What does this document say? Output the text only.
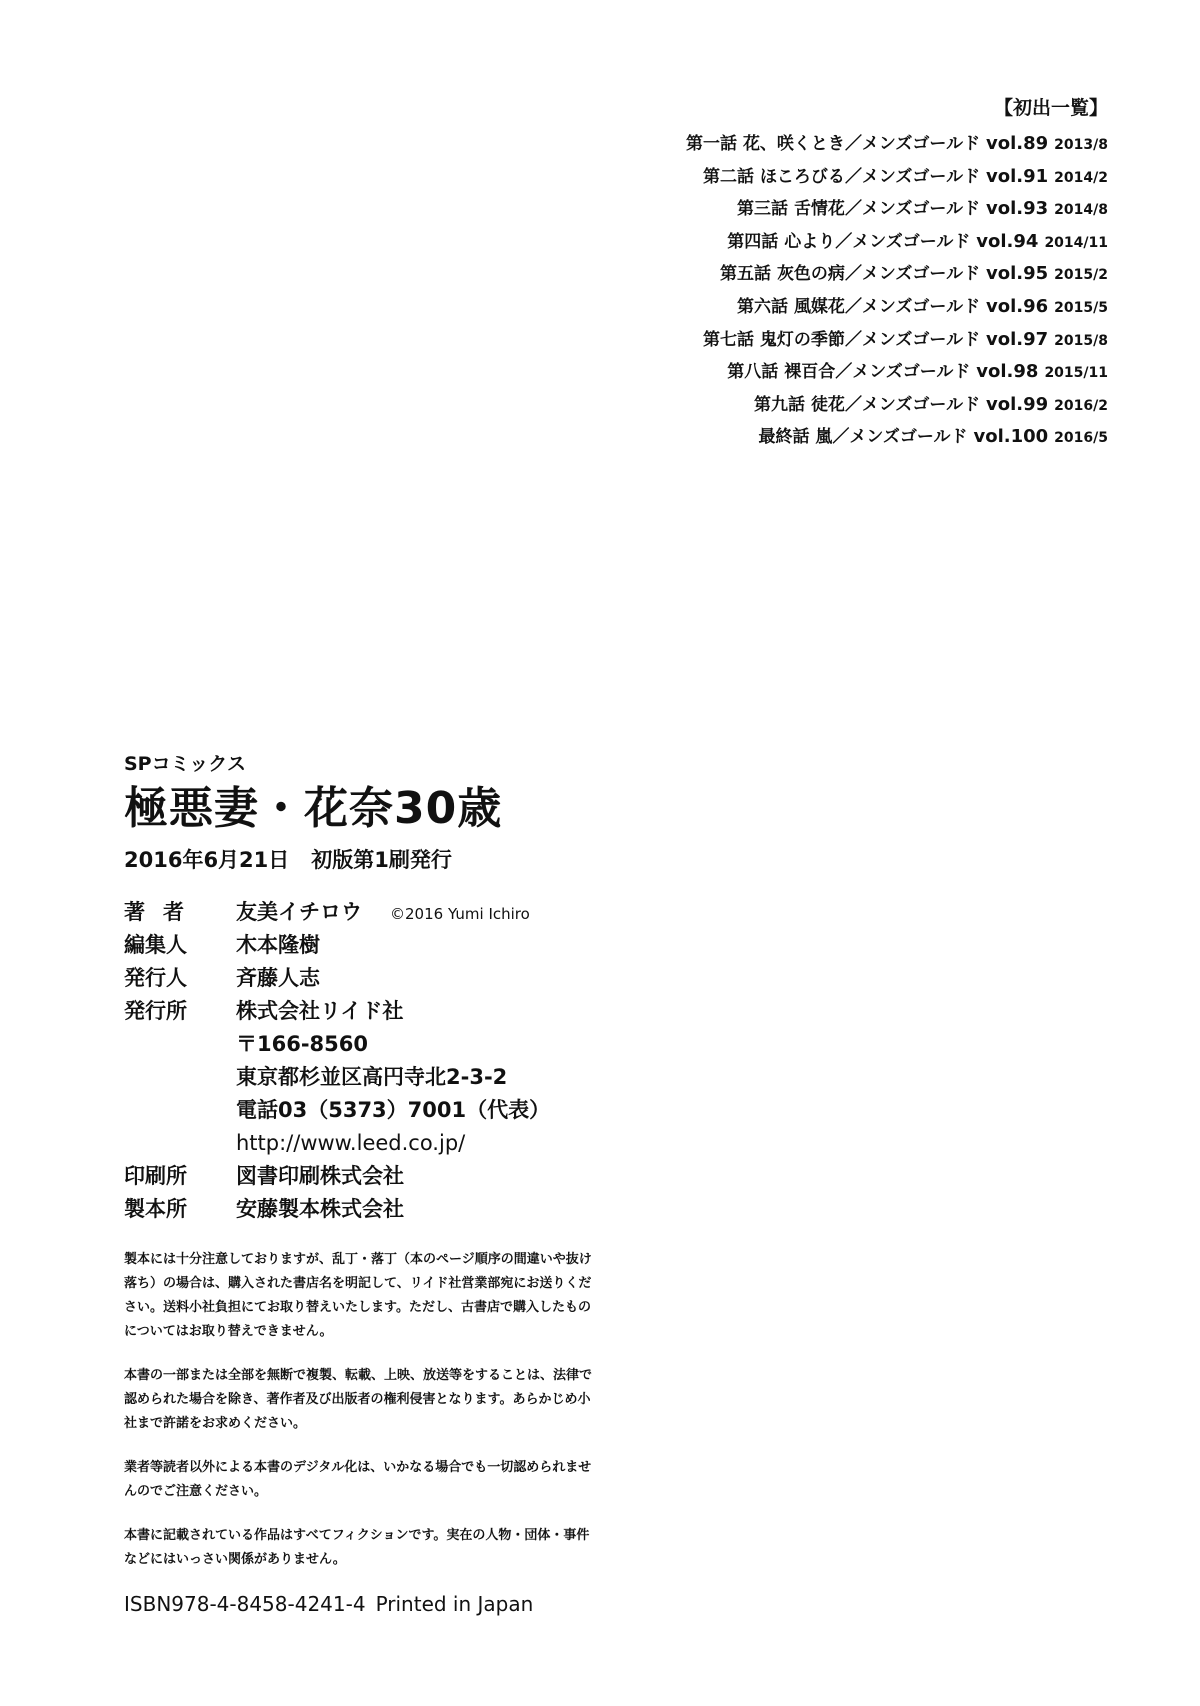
【初出一覧】
第一話 花、咲くとき／メンズゴールド vol.89 2013/8
第二話 ほころびる／メンズゴールド vol.91 2014/2
第三話 舌情花／メンズゴールド vol.93 2014/8
第四話 心より／メンズゴールド vol.94 2014/11
第五話 灰色の病／メンズゴールド vol.95 2015/2
第六話 風媒花／メンズゴールド vol.96 2015/5
第七話 鬼灯の季節／メンズゴールド vol.97 2015/8
第八話 裸百合／メンズゴールド vol.98 2015/11
第九話 徒花／メンズゴールド vol.99 2016/2
最終話 嵐／メンズゴールド vol.100 2016/5
SPコミックス
極悪妻・花奈30歳
2016年6月21日 初版第1刷発行
著者	友美イチロウ ©2016 Yumi Ichiro
編集人	木本隆樹
発行人	斉藤人志
発行所	株式会社リイド社
〒166-8560
東京都杉並区高円寺北2-3-2
電話03（5373）7001（代表）
http://www.leed.co.jp/
印刷所	図書印刷株式会社
製本所	安藤製本株式会社

製本には十分注意しておりますが、乱丁・落丁（本のページ順序の間違いや抜け落ち）の場合は、購入された書店名を明記して、リイド社営業部宛にお送りください。送料小社負担にてお取り替えいたします。ただし、古書店で購入したものについてはお取り替えできません。

本書の一部または全部を無断で複製、転載、上映、放送等をすることは、法律で認められた場合を除き、著作者及び出版者の権利侵害となります。あらかじめ小社まで許諾をお求めください。

業者等読者以外による本書のデジタル化は、いかなる場合でも一切認められませんのでご注意ください。

本書に記載されている作品はすべてフィクションです。実在の人物・団体・事件などにはいっさい関係がありません。

ISBN978-4-8458-4241-4 Printed in Japan
